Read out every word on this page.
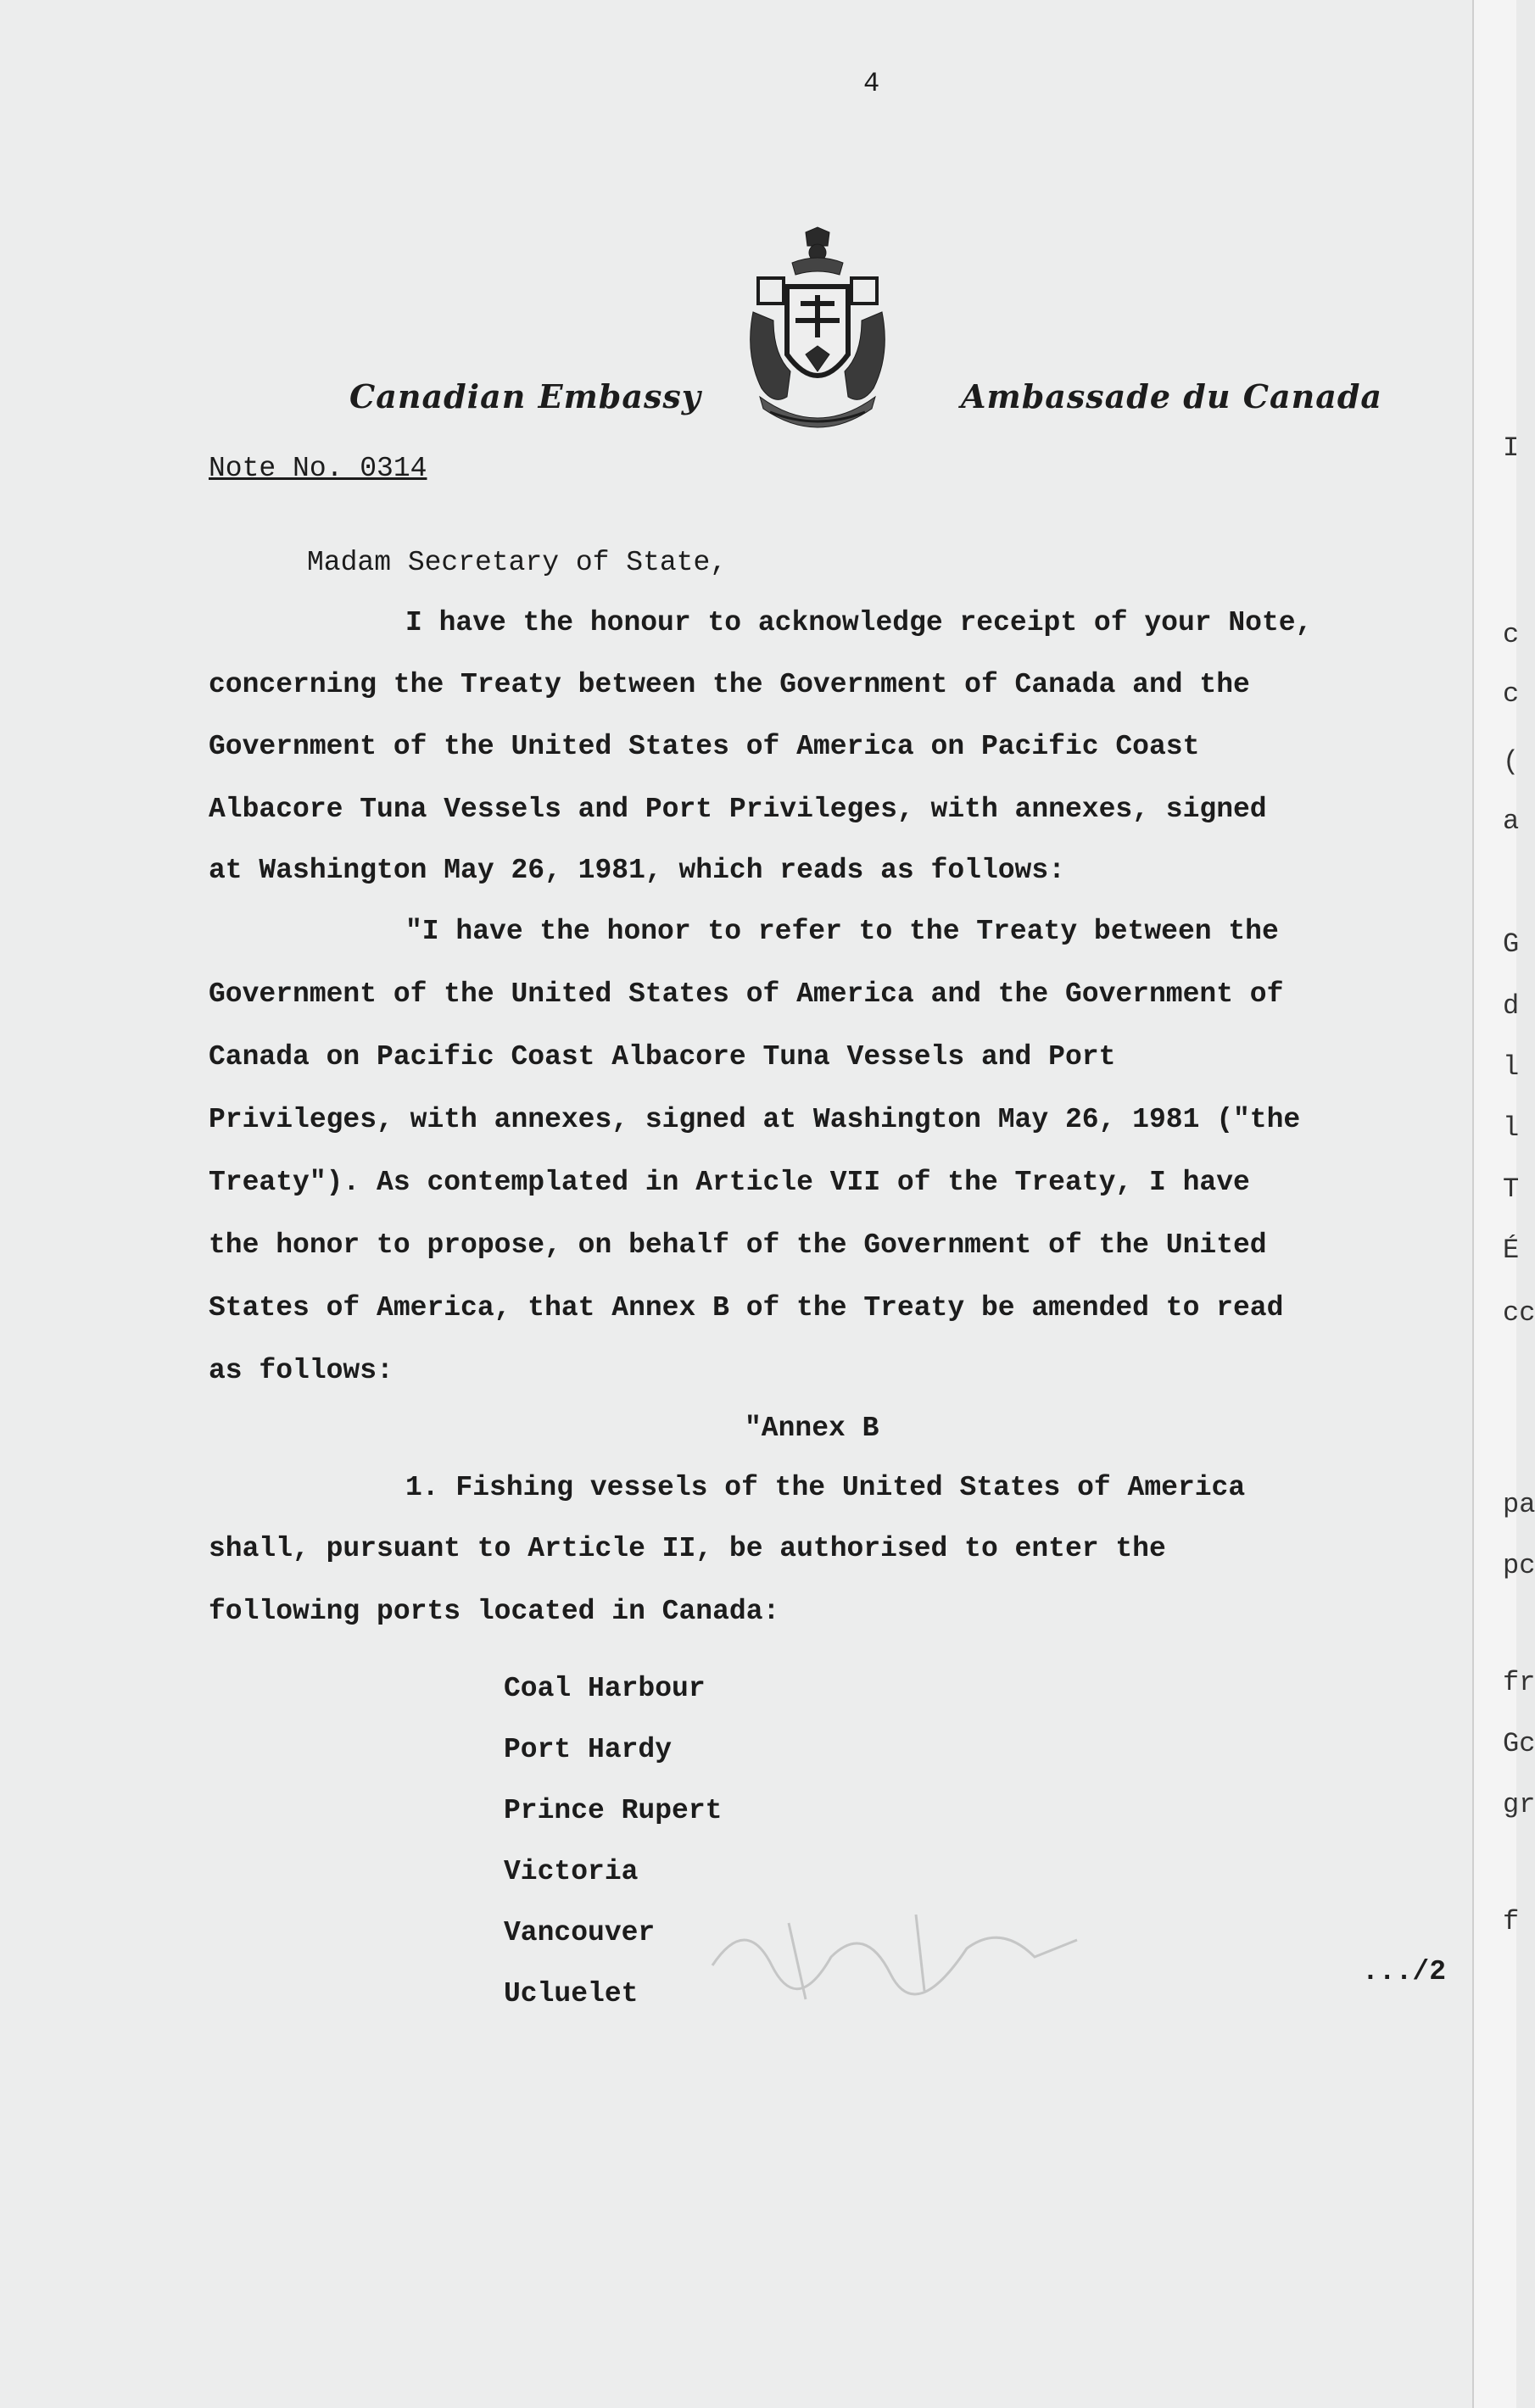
4
Canadian Embassy	Ambassade du Canada
Note No. 0314
Madam Secretary of State,
I have the honour to acknowledge receipt of your Note,
concerning the Treaty between the Government of Canada and the
Government of the United States of America on Pacific Coast
Albacore Tuna Vessels and Port Privileges, with annexes, signed
at Washington May 26, 1981, which reads as follows:
"I have the honor to refer to the Treaty between the
Government of the United States of America and the Government of
Canada on Pacific Coast Albacore Tuna Vessels and Port
Privileges, with annexes, signed at Washington May 26, 1981 ("the
Treaty"). As contemplated in Article VII of the Treaty, I have
the honor to propose, on behalf of the Government of the United
States of America, that Annex B of the Treaty be amended to read
as follows:
"Annex B
1. Fishing vessels of the United States of America
shall, pursuant to Article II, be authorised to enter the
following ports located in Canada:
Coal Harbour
Port Hardy
Prince Rupert
Victoria
Vancouver
Ucluelet
.../2
I
c
c
(
a
G
d
l
l
T
É
cc
pa
pc
fr
Gc
gr
f
